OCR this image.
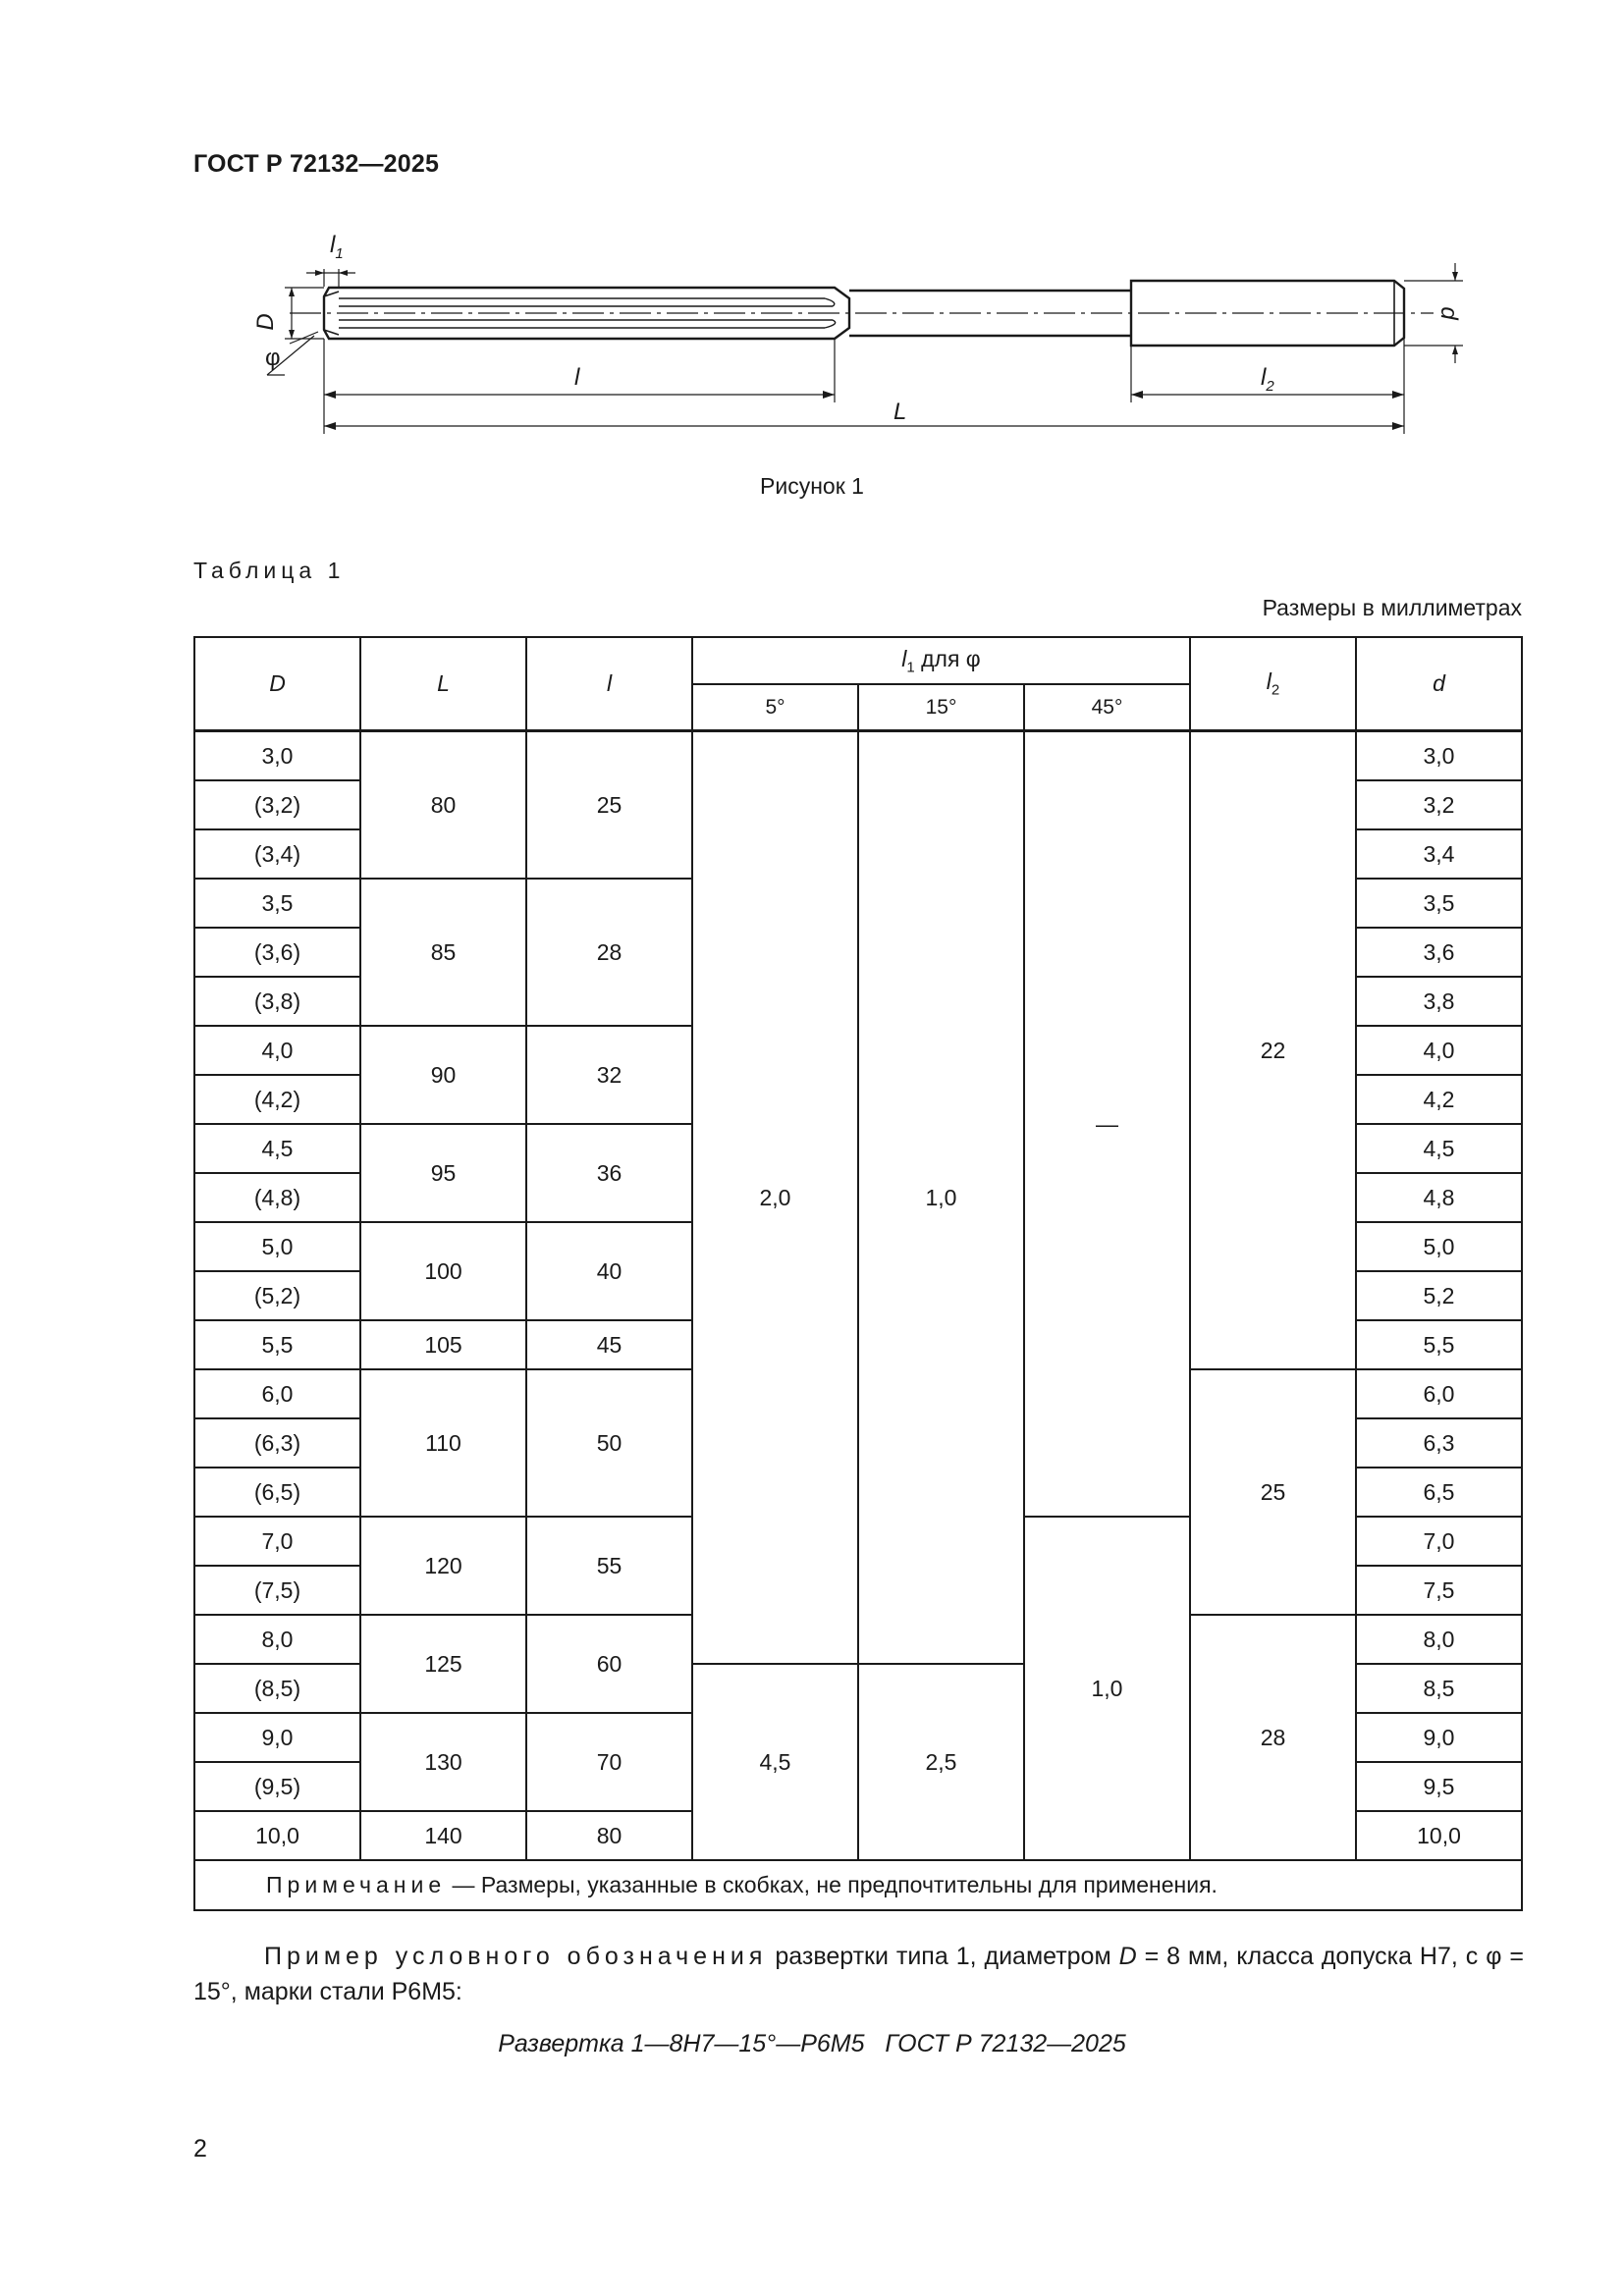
ГОСТ Р 72132—2025
$l_1$
D
φ
l	$l_2$
L
d
Рисунок 1
Таблица 1
Размеры в миллиметрах
D	L	l	$l_1$ для φ			$l_2$	d
			5°	15°	45°		
3,0	80	25	2,0	1,0	—	22	3,0
(3,2)							3,2
(3,4)							3,4
3,5	85	28					3,5
(3,6)							3,6
(3,8)							3,8
4,0	90	32					4,0
(4,2)							4,2
4,5	95	36					4,5
(4,8)							4,8
5,0	100	40					5,0
(5,2)							5,2
5,5	105	45					5,5
6,0	110	50				25	6,0
(6,3)							6,3
(6,5)							6,5
7,0	120	55			1,0		7,0
(7,5)							7,5
8,0	125	60				28	8,0
(8,5)			4,5	2,5			8,5
9,0	130	70					9,0
(9,5)							9,5
10,0	140	80					10,0
Примечание — Размеры, указанные в скобках, не предпочтительны для применения.							
Пример условного обозначения развертки типа 1, диаметром D = 8 мм, класса допуска H7, с φ = 15°, марки стали Р6М5:
Развертка 1—8H7—15°—Р6М5   ГОСТ Р 72132—2025
2
